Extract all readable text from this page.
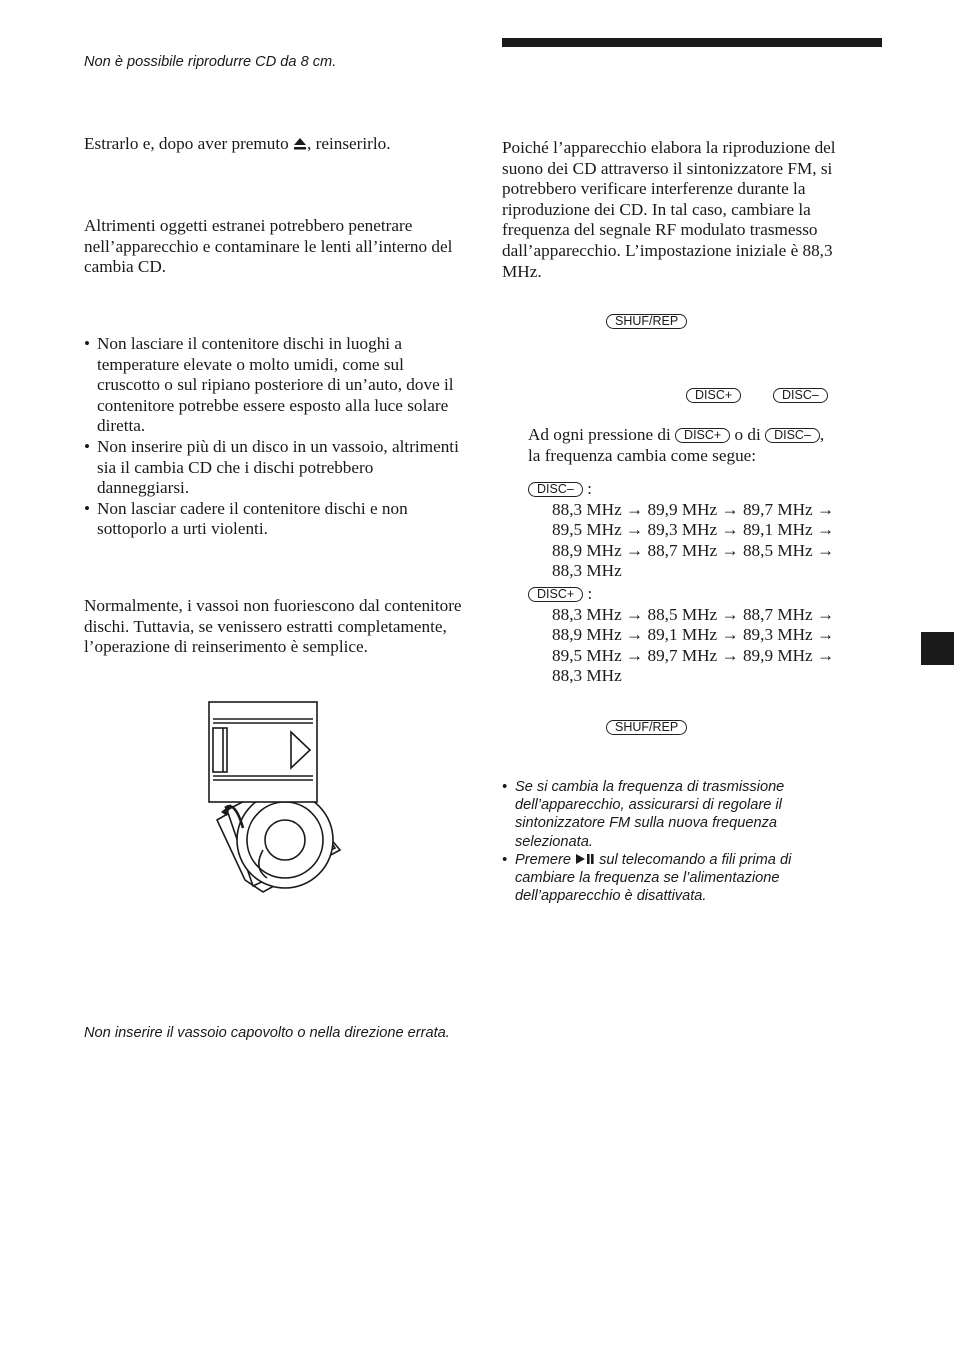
Non è possibile riprodurre CD da 8 cm.
Estrarlo e, dopo aver premuto , reinserirlo.
Altrimenti oggetti estranei potrebbero penetrare nell’apparecchio e contaminare le lenti all’interno del cambia CD.
• Non lasciare il contenitore dischi in luoghi a temperature elevate o molto umidi, come sul cruscotto o sul ripiano posteriore di un’auto, dove il contenitore potrebbe essere esposto alla luce solare diretta.
• Non inserire più di un disco in un vassoio, altrimenti sia il cambia CD che i dischi potrebbero danneggiarsi.
• Non lasciar cadere il contenitore dischi e non sottoporlo a urti violenti.
Normalmente, i vassoi non fuoriescono dal contenitore dischi. Tuttavia, se venissero estratti completamente, l’operazione di reinserimento è semplice.
Non inserire il vassoio capovolto o nella direzione errata.
Poiché l’apparecchio elabora la riproduzione del suono dei CD attraverso il sintonizzatore FM, si potrebbero verificare interferenze durante la riproduzione dei CD. In tal caso, cambiare la frequenza del segnale RF modulato trasmesso dall’apparecchio. L’impostazione iniziale è 88,3 MHz.
SHUF/REP
DISC+	DISC–
Ad ogni pressione di DISC+ o di DISC– ,
la frequenza cambia come segue:
DISC– :
88,3 MHz → 89,9 MHz → 89,7 MHz →
89,5 MHz → 89,3 MHz → 89,1 MHz →
88,9 MHz → 88,7 MHz → 88,5 MHz →
88,3 MHz
DISC+ :
88,3 MHz → 88,5 MHz → 88,7 MHz →
88,9 MHz → 89,1 MHz → 89,3 MHz →
89,5 MHz → 89,7 MHz → 89,9 MHz →
88,3 MHz
SHUF/REP
• Se si cambia la frequenza di trasmissione dell’apparecchio, assicurarsi di regolare il sintonizzatore FM sulla nuova frequenza selezionata.
• Premere  sul telecomando a fili prima di cambiare la frequenza se l’alimentazione dell’apparecchio è disattivata.
